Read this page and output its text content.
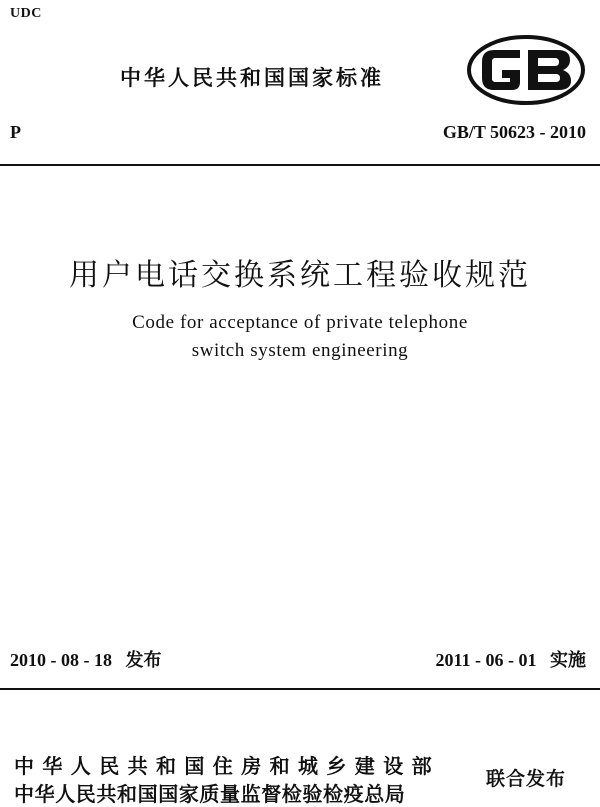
UDC
中华人民共和国国家标准
P	GB/T 50623 - 2010
用户电话交换系统工程验收规范
Code for acceptance of private telephone
switch system engineering
2010 - 08 - 18 发布	2011 - 06 - 01 实施
中华人民共和国住房和城乡建设部
中华人民共和国国家质量监督检验检疫总局
联合发布
